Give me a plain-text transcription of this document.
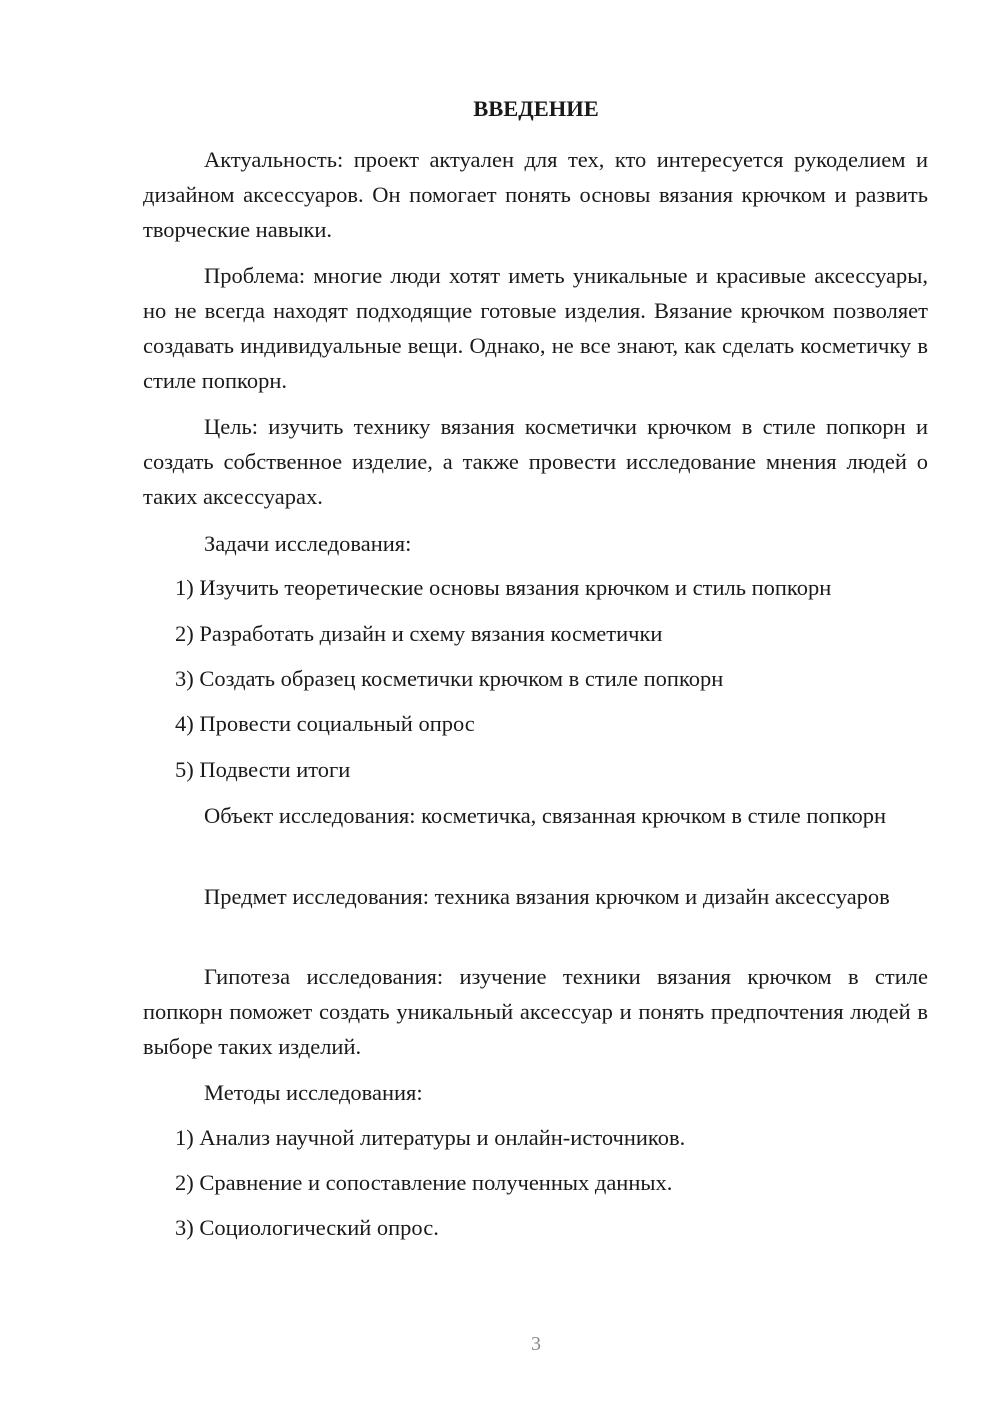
ВВЕДЕНИЕ

Актуальность: проект актуален для тех, кто интересуется рукоделием и дизайном аксессуаров. Он помогает понять основы вязания крючком и развить творческие навыки.

Проблема: многие люди хотят иметь уникальные и красивые аксессуары, но не всегда находят подходящие готовые изделия. Вязание крючком позволяет создавать индивидуальные вещи. Однако, не все знают, как сделать косметичку в стиле попкорн.

Цель: изучить технику вязания косметички крючком в стиле попкорн и создать собственное изделие, а также провести исследование мнения людей о таких аксессуарах.

Задачи исследования:

1) Изучить теоретические основы вязания крючком и стиль попкорн
2) Разработать дизайн и схему вязания косметички
3) Создать образец косметички крючком в стиле попкорн
4) Провести социальный опрос
5) Подвести итоги

Объект исследования: косметичка, связанная крючком в стиле попкорн

Предмет исследования: техника вязания крючком и дизайн аксессуаров

Гипотеза исследования: изучение техники вязания крючком в стиле попкорн поможет создать уникальный аксессуар и понять предпочтения людей в выборе таких изделий.

Методы исследования:

1) Анализ научной литературы и онлайн-источников.
2) Сравнение и сопоставление полученных данных.
3) Социологический опрос.
3
